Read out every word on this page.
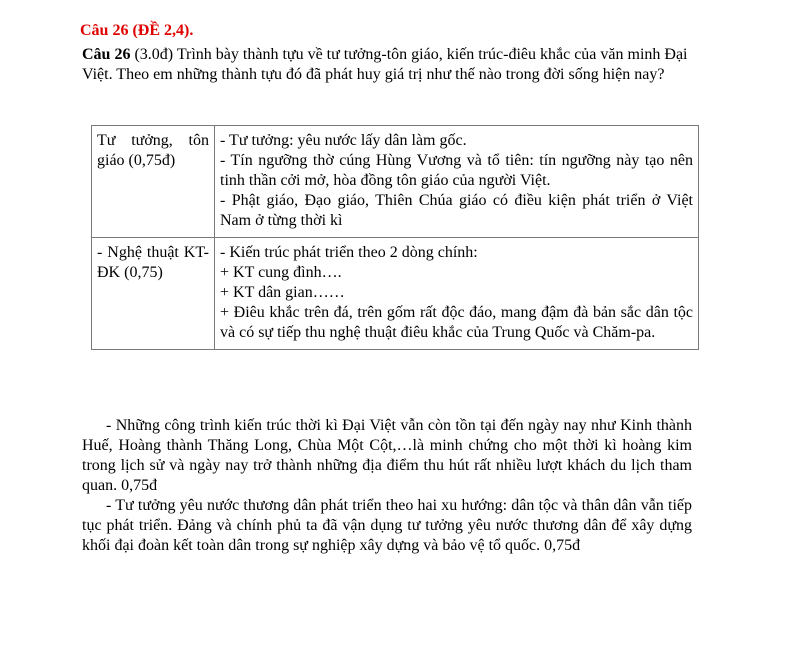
Câu 26 (ĐỀ 2,4).
Câu 26 (3.0đ) Trình bày thành tựu về tư tưởng-tôn giáo, kiến trúc-điêu khắc của văn minh Đại Việt. Theo em những thành tựu đó đã phát huy giá trị như thế nào trong đời sống hiện nay?
Tư tưởng, tôn giáo (0,75đ)	- Tư tưởng: yêu nước lấy dân làm gốc.
- Tín ngưỡng thờ cúng Hùng Vương và tổ tiên: tín ngưỡng này tạo nên tinh thần cởi mở, hòa đồng tôn giáo của người Việt.
- Phật giáo, Đạo giáo, Thiên Chúa giáo có điều kiện phát triển ở Việt Nam ở từng thời kì

- Nghệ thuật KT-ĐK (0,75)	- Kiến trúc phát triển theo 2 dòng chính:
+ KT cung đình….
+ KT dân gian……
+ Điêu khắc trên đá, trên gốm rất độc đáo, mang đậm đà bản sắc dân tộc và có sự tiếp thu nghệ thuật điêu khắc của Trung Quốc và Chăm-pa.

- Những công trình kiến trúc thời kì Đại Việt vẫn còn tồn tại đến ngày nay như Kinh thành Huế, Hoàng thành Thăng Long, Chùa Một Cột,…là minh chứng cho một thời kì hoàng kim trong lịch sử và ngày nay trở thành những địa điểm thu hút rất nhiều lượt khách du lịch tham quan. 0,75đ

- Tư tưởng yêu nước thương dân phát triển theo hai xu hướng: dân tộc và thân dân vẫn tiếp tục phát triển. Đảng và chính phủ ta đã vận dụng tư tưởng yêu nước thương dân để xây dựng khối đại đoàn kết toàn dân trong sự nghiệp xây dựng và bảo vệ tổ quốc. 0,75đ
